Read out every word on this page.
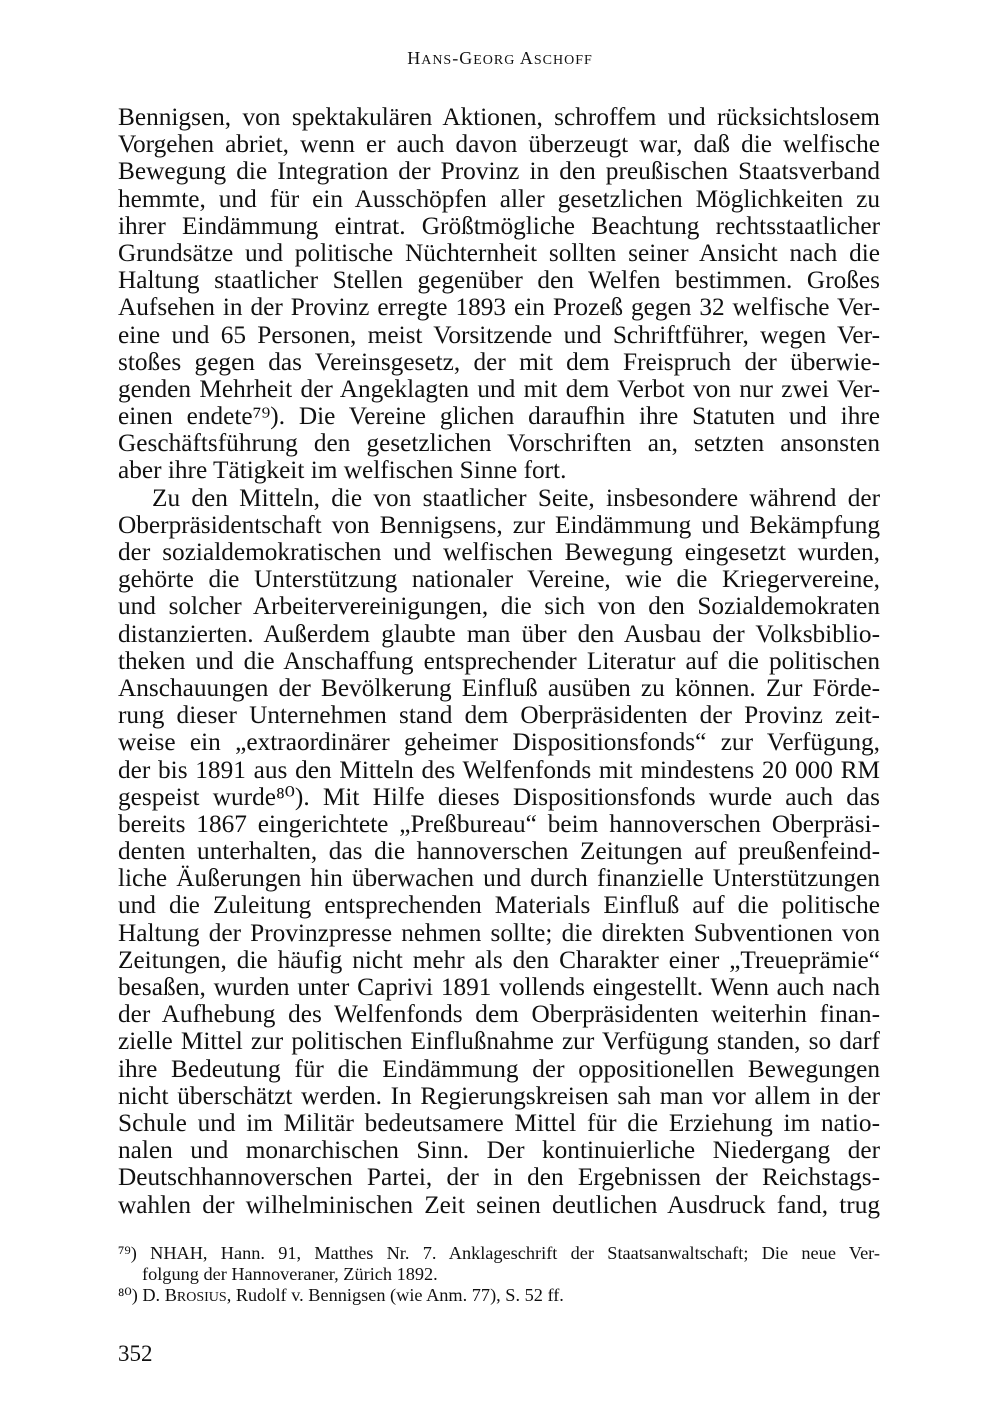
HANS-GEORG ASCHOFF
Bennigsen, von spektakulären Aktionen, schroffem und rücksichtslosem
Vorgehen abriet, wenn er auch davon überzeugt war, daß die welfische
Bewegung die Integration der Provinz in den preußischen Staatsverband
hemmte, und für ein Ausschöpfen aller gesetzlichen Möglichkeiten zu
ihrer Eindämmung eintrat. Größtmögliche Beachtung rechtsstaatlicher
Grundsätze und politische Nüchternheit sollten seiner Ansicht nach die
Haltung staatlicher Stellen gegenüber den Welfen bestimmen. Großes
Aufsehen in der Provinz erregte 1893 ein Prozeß gegen 32 welfische Ver-
eine und 65 Personen, meist Vorsitzende und Schriftführer, wegen Ver-
stoßes gegen das Vereinsgesetz, der mit dem Freispruch der überwie-
genden Mehrheit der Angeklagten und mit dem Verbot von nur zwei Ver-
einen endete⁷⁹). Die Vereine glichen daraufhin ihre Statuten und ihre
Geschäftsführung den gesetzlichen Vorschriften an, setzten ansonsten
aber ihre Tätigkeit im welfischen Sinne fort.
Zu den Mitteln, die von staatlicher Seite, insbesondere während der
Oberpräsidentschaft von Bennigsens, zur Eindämmung und Bekämpfung
der sozialdemokratischen und welfischen Bewegung eingesetzt wurden,
gehörte die Unterstützung nationaler Vereine, wie die Kriegervereine,
und solcher Arbeitervereinigungen, die sich von den Sozialdemokraten
distanzierten. Außerdem glaubte man über den Ausbau der Volksbiblio-
theken und die Anschaffung entsprechender Literatur auf die politischen
Anschauungen der Bevölkerung Einfluß ausüben zu können. Zur Förde-
rung dieser Unternehmen stand dem Oberpräsidenten der Provinz zeit-
weise ein „extraordinärer geheimer Dispositionsfonds“ zur Verfügung,
der bis 1891 aus den Mitteln des Welfenfonds mit mindestens 20 000 RM
gespeist wurde⁸⁰). Mit Hilfe dieses Dispositionsfonds wurde auch das
bereits 1867 eingerichtete „Preßbureau“ beim hannoverschen Oberpräsi-
denten unterhalten, das die hannoverschen Zeitungen auf preußenfeind-
liche Äußerungen hin überwachen und durch finanzielle Unterstützungen
und die Zuleitung entsprechenden Materials Einfluß auf die politische
Haltung der Provinzpresse nehmen sollte; die direkten Subventionen von
Zeitungen, die häufig nicht mehr als den Charakter einer „Treueprämie“
besaßen, wurden unter Caprivi 1891 vollends eingestellt. Wenn auch nach
der Aufhebung des Welfenfonds dem Oberpräsidenten weiterhin finan-
zielle Mittel zur politischen Einflußnahme zur Verfügung standen, so darf
ihre Bedeutung für die Eindämmung der oppositionellen Bewegungen
nicht überschätzt werden. In Regierungskreisen sah man vor allem in der
Schule und im Militär bedeutsamere Mittel für die Erziehung im natio-
nalen und monarchischen Sinn. Der kontinuierliche Niedergang der
Deutschhannoverschen Partei, der in den Ergebnissen der Reichstags-
wahlen der wilhelminischen Zeit seinen deutlichen Ausdruck fand, trug
⁷⁹) NHAH, Hann. 91, Matthes Nr. 7. Anklageschrift der Staatsanwaltschaft; Die neue Ver-
folgung der Hannoveraner, Zürich 1892.
⁸⁰) D. BROSIUS, Rudolf v. Bennigsen (wie Anm. 77), S. 52 ff.
352
